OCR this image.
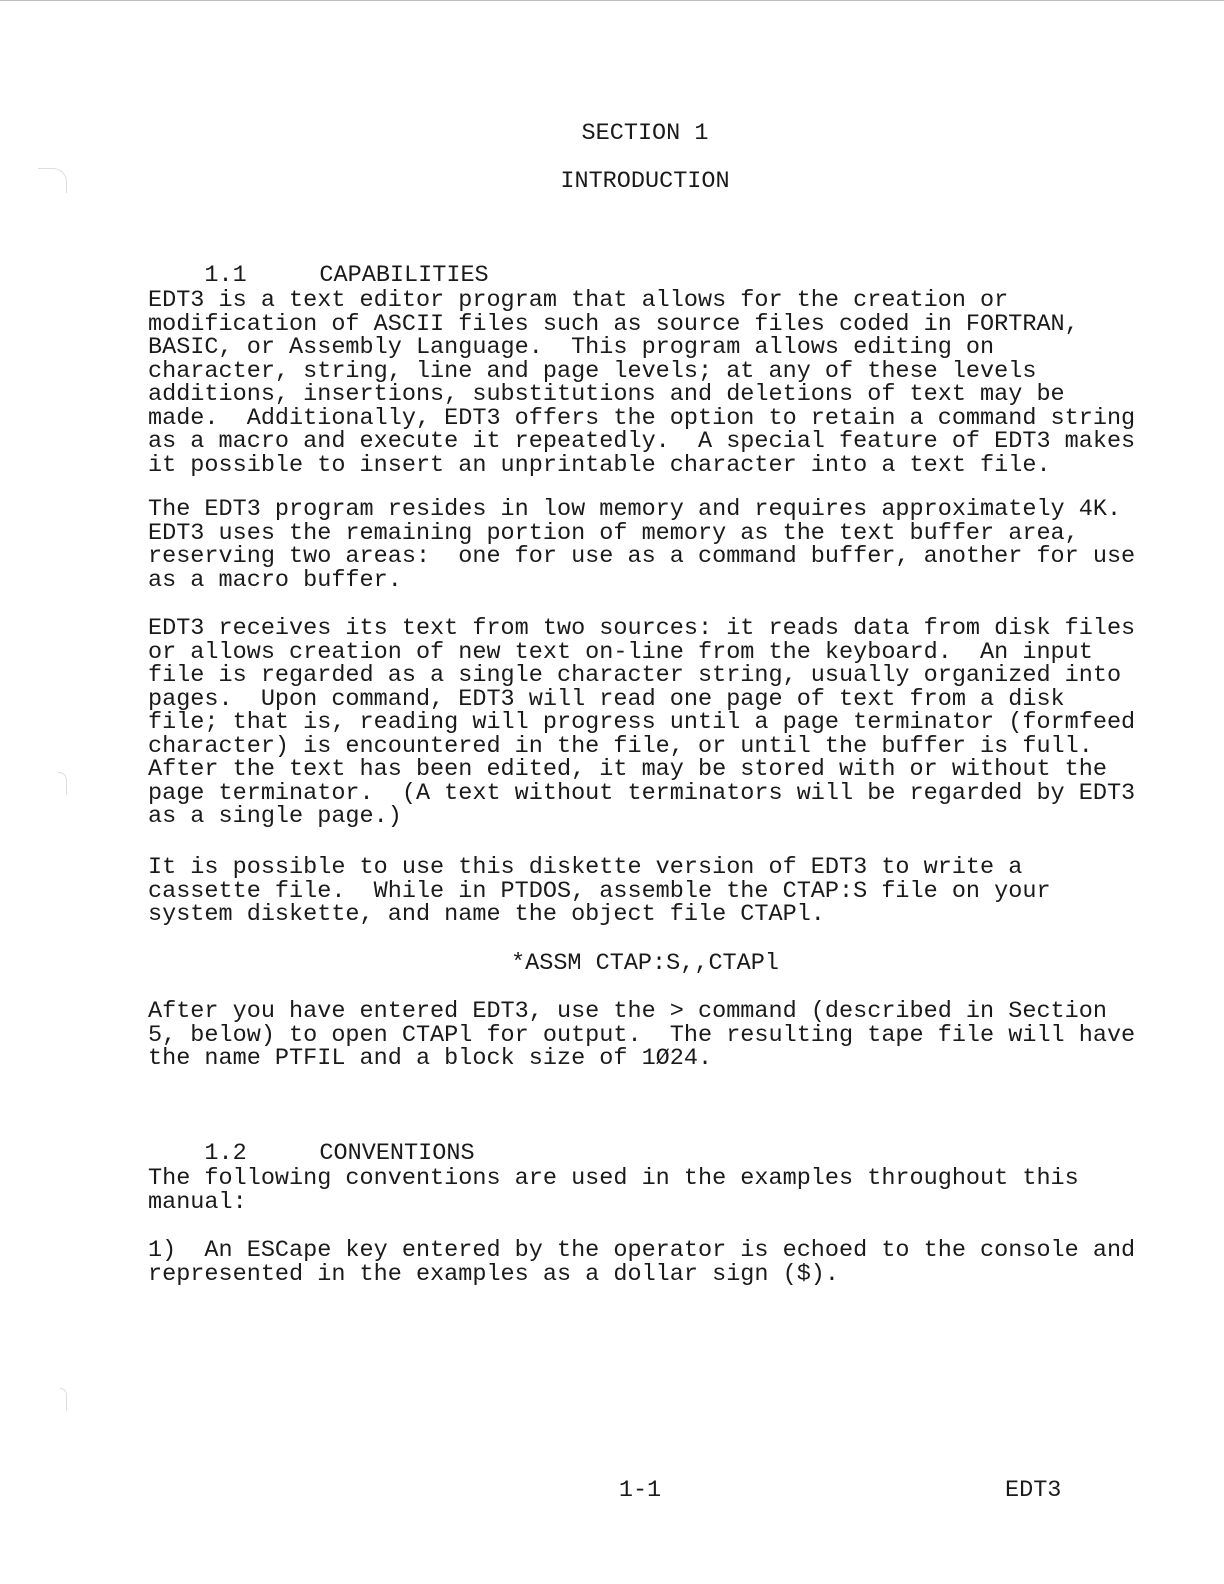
SECTION 1
INTRODUCTION

1.1	CAPABILITIES

EDT3 is a text editor program that allows for the creation or
modification of ASCII files such as source files coded in FORTRAN,
BASIC, or Assembly Language.  This program allows editing on
character, string, line and page levels; at any of these levels
additions, insertions, substitutions and deletions of text may be
made.  Additionally, EDT3 offers the option to retain a command string
as a macro and execute it repeatedly.  A special feature of EDT3 makes
it possible to insert an unprintable character into a text file.
The EDT3 program resides in low memory and requires approximately 4K.
EDT3 uses the remaining portion of memory as the text buffer area,
reserving two areas:  one for use as a command buffer, another for use
as a macro buffer.
EDT3 receives its text from two sources: it reads data from disk files
or allows creation of new text on-line from the keyboard.  An input
file is regarded as a single character string, usually organized into
pages.  Upon command, EDT3 will read one page of text from a disk
file; that is, reading will progress until a page terminator (formfeed
character) is encountered in the file, or until the buffer is full.
After the text has been edited, it may be stored with or without the
page terminator.  (A text without terminators will be regarded by EDT3
as a single page.)
It is possible to use this diskette version of EDT3 to write a
cassette file.  While in PTDOS, assemble the CTAP:S file on your
system diskette, and name the object file CTAPl.
*ASSM CTAP:S,,CTAPl
After you have entered EDT3, use the > command (described in Section
5, below) to open CTAPl for output.  The resulting tape file will have
the name PTFIL and a block size of 1Ø24.

1.2	CONVENTIONS

The following conventions are used in the examples throughout this
manual:
1)  An ESCape key entered by the operator is echoed to the console and
represented in the examples as a dollar sign ($).
1-1	EDT3
